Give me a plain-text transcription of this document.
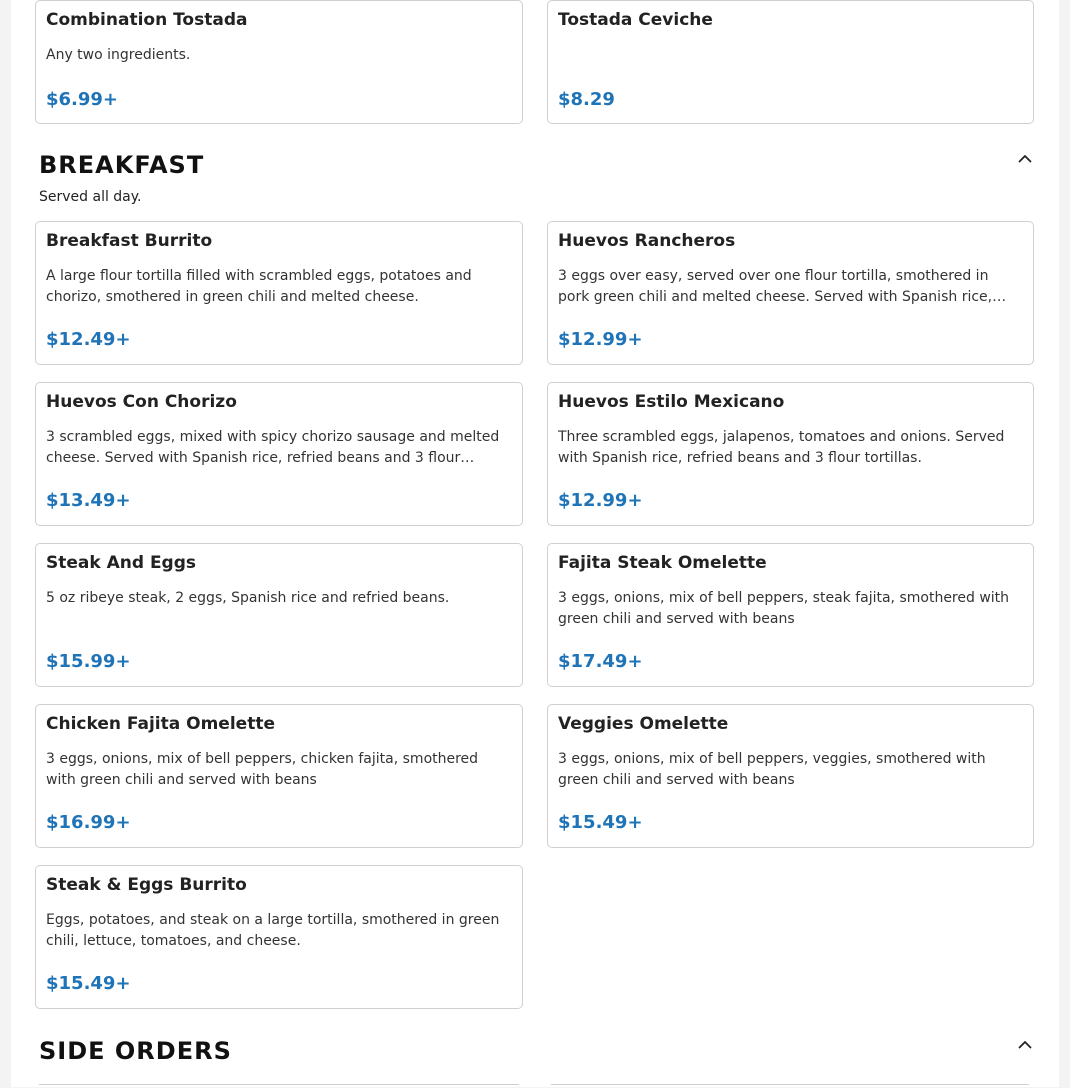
Combination Tostada
Any two ingredients.
$6.99+
Tostada Ceviche
$8.29
BREAKFAST
Served all day.
Breakfast Burrito
A large flour tortilla filled with scrambled eggs, potatoes and chorizo, smothered in green chili and melted cheese.
$12.49+
Huevos Rancheros
3 eggs over easy, served over one flour tortilla, smothered in pork green chili and melted cheese. Served with Spanish rice,…
$12.99+
Huevos Con Chorizo
3 scrambled eggs, mixed with spicy chorizo sausage and melted cheese. Served with Spanish rice, refried beans and 3 flour…
$13.49+
Huevos Estilo Mexicano
Three scrambled eggs, jalapenos, tomatoes and onions. Served with Spanish rice, refried beans and 3 flour tortillas.
$12.99+
Steak And Eggs
5 oz ribeye steak, 2 eggs, Spanish rice and refried beans.
$15.99+
Fajita Steak Omelette
3 eggs, onions, mix of bell peppers, steak fajita, smothered with green chili and served with beans
$17.49+
Chicken Fajita Omelette
3 eggs, onions, mix of bell peppers, chicken fajita, smothered with green chili and served with beans
$16.99+
Veggies Omelette
3 eggs, onions, mix of bell peppers, veggies, smothered with green chili and served with beans
$15.49+
Steak & Eggs Burrito
Eggs, potatoes, and steak on a large tortilla, smothered in green chili, lettuce, tomatoes, and cheese.
$15.49+
SIDE ORDERS
